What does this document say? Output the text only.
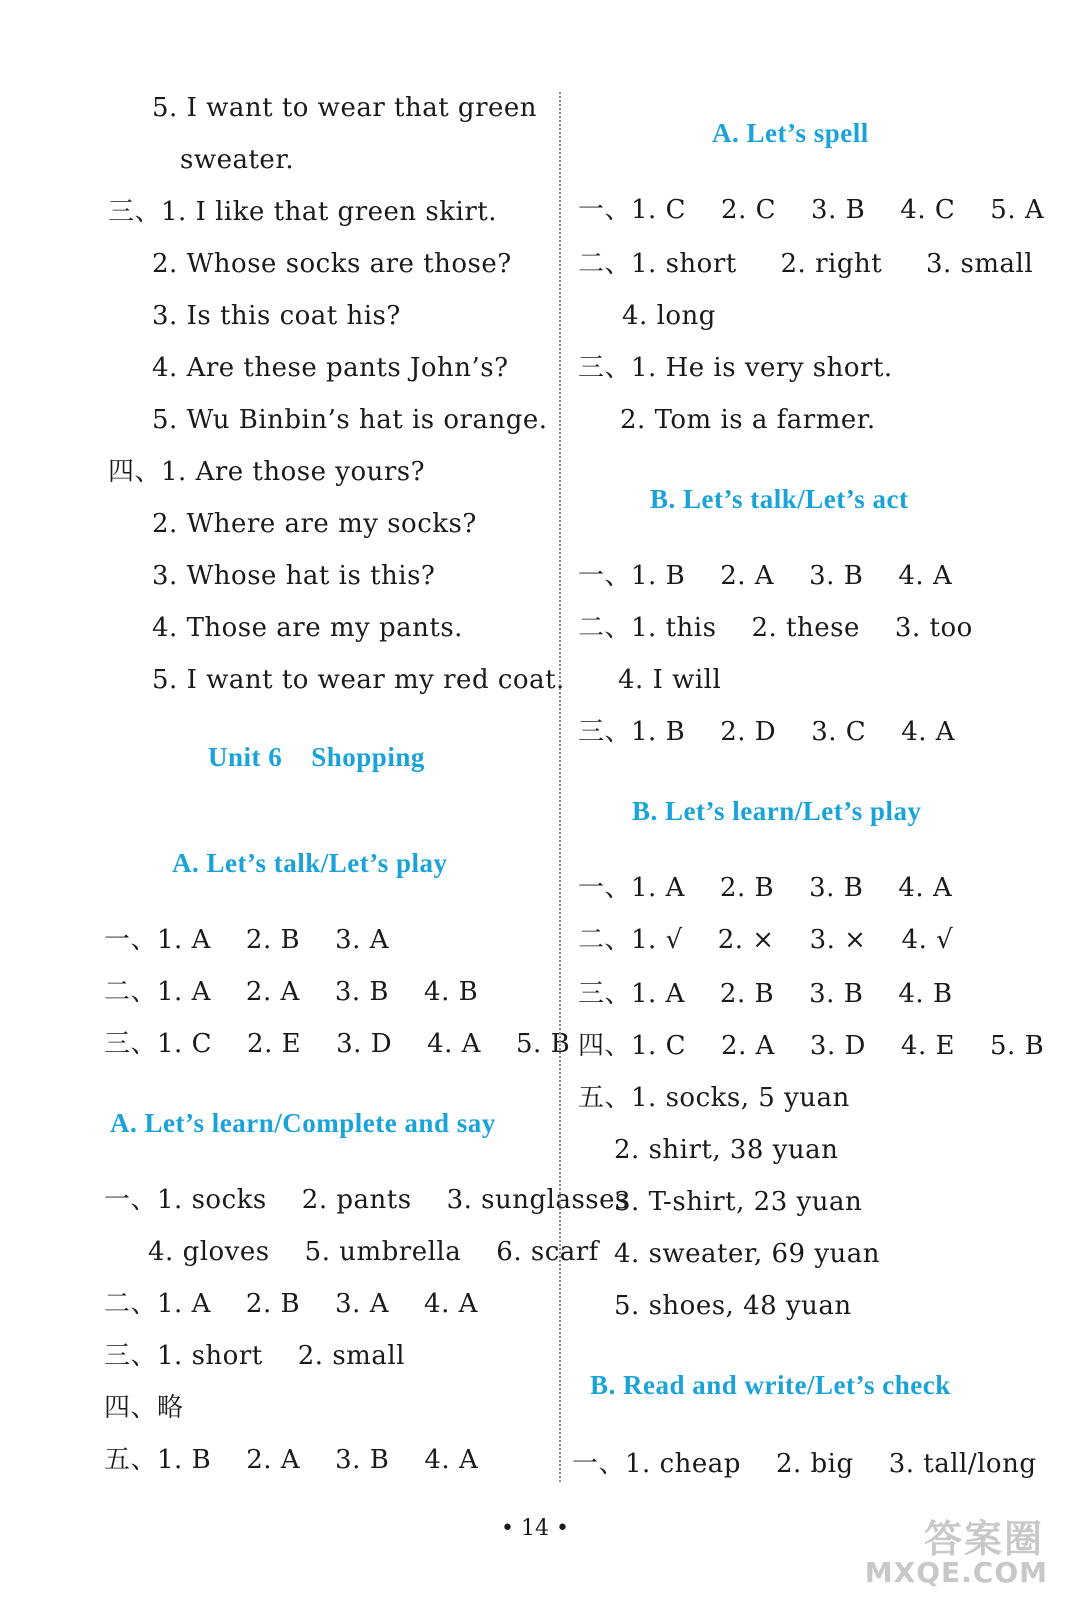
5. I want to wear that green
sweater.
三、1. I like that green skirt.
2. Whose socks are those?
3. Is this coat his?
4. Are these pants John’s?
5. Wu Binbin’s hat is orange.
四、1. Are those yours?
2. Where are my socks?
3. Whose hat is this?
4. Those are my pants.
5. I want to wear my red coat.
Unit 6    Shopping
A. Let’s talk/Let’s play
一、1. A    2. B    3. A
二、1. A    2. A    3. B    4. B
三、1. C    2. E    3. D    4. A    5. B
A. Let’s learn/Complete and say
一、1. socks    2. pants    3. sunglasses
4. gloves    5. umbrella    6. scarf
二、1. A    2. B    3. A    4. A
三、1. short    2. small
四、略
五、1. B    2. A    3. B    4. A
A. Let’s spell
一、1. C    2. C    3. B    4. C    5. A
二、1. short     2. right     3. small
4. long
三、1. He is very short.
2. Tom is a farmer.
B. Let’s talk/Let’s act
一、1. B    2. A    3. B    4. A
二、1. this    2. these    3. too
4. I will
三、1. B    2. D    3. C    4. A
B. Let’s learn/Let’s play
一、1. A    2. B    3. B    4. A
二、1. √    2. ×    3. ×    4. √
三、1. A    2. B    3. B    4. B
四、1. C    2. A    3. D    4. E    5. B
五、1. socks, 5 yuan
2. shirt, 38 yuan
3. T-shirt, 23 yuan
4. sweater, 69 yuan
5. shoes, 48 yuan
B. Read and write/Let’s check
一、1. cheap    2. big    3. tall/long
• 14 •	答案圈
MXQE.COM
